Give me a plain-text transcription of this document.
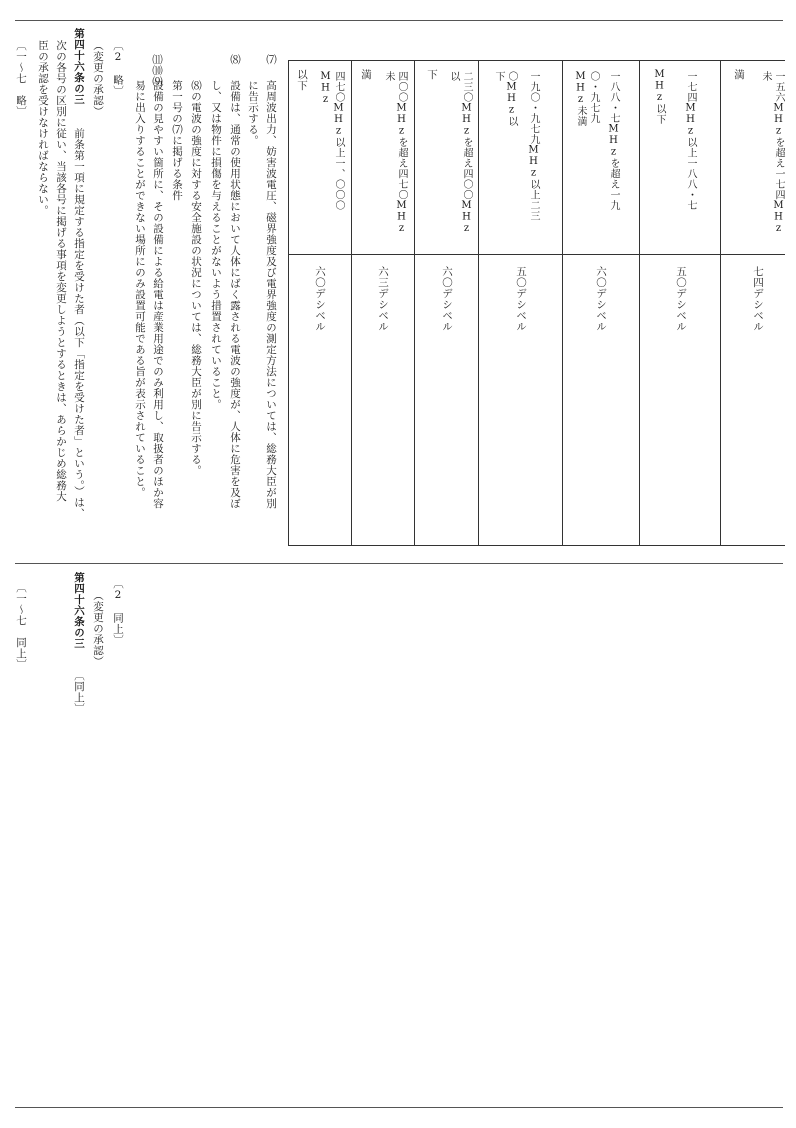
〔2　略〕
（変更の承認）
第四十六条の三
前条第一項に規定する指定を受けた者（以下「指定を受けた者」という。）は、
次の各号の区別に従い、当該各号に掲げる事項を変更しようとするときは、あらかじめ総務大
臣の承認を受けなければならない。
〔一～七　略〕	⑾⑽⑼
設備の見やすい箇所に、その設備による給電は産業用途でのみ利用し、取扱者のほか容
易に出入りすることができない場所にのみ設置可能である旨が表示されていること。 第一号の⑺に掲げる条件 ⑻の電波の強度に対する安全施設の状況については、総務大臣が別に告示する。
⑻
設備は、通常の使用状態において人体にばく露される電波の強度が、人体に危害を及ぼ
し、又は物件に損傷を与えることがないよう措置されていること。
⑺
高周波出力、妨害波電圧、磁界強度及び電界強度の測定方法については、総務大臣が別
に告示する。	一五六MHzを超え一七四MHz未
満
七四デシベル
一七四MHz以上一八八・七
MHz以下
五〇デシベル
一八八・七MHzを超え一九
〇・九七九MHz未満
六〇デシベル
一九〇・九七九MHz以上二三
〇MHz以下
五〇デシベル
二三〇MHzを超え四〇〇MHz以
下
六〇デシベル
四〇〇MHzを超え四七〇MHz未
満
六三デシベル
四七〇MHz以上一、〇〇〇MHz
以下
六〇デシベル
〔2　同上〕
（変更の承認）
第四十六条の三
〔同上〕
〔一～七　同上〕
